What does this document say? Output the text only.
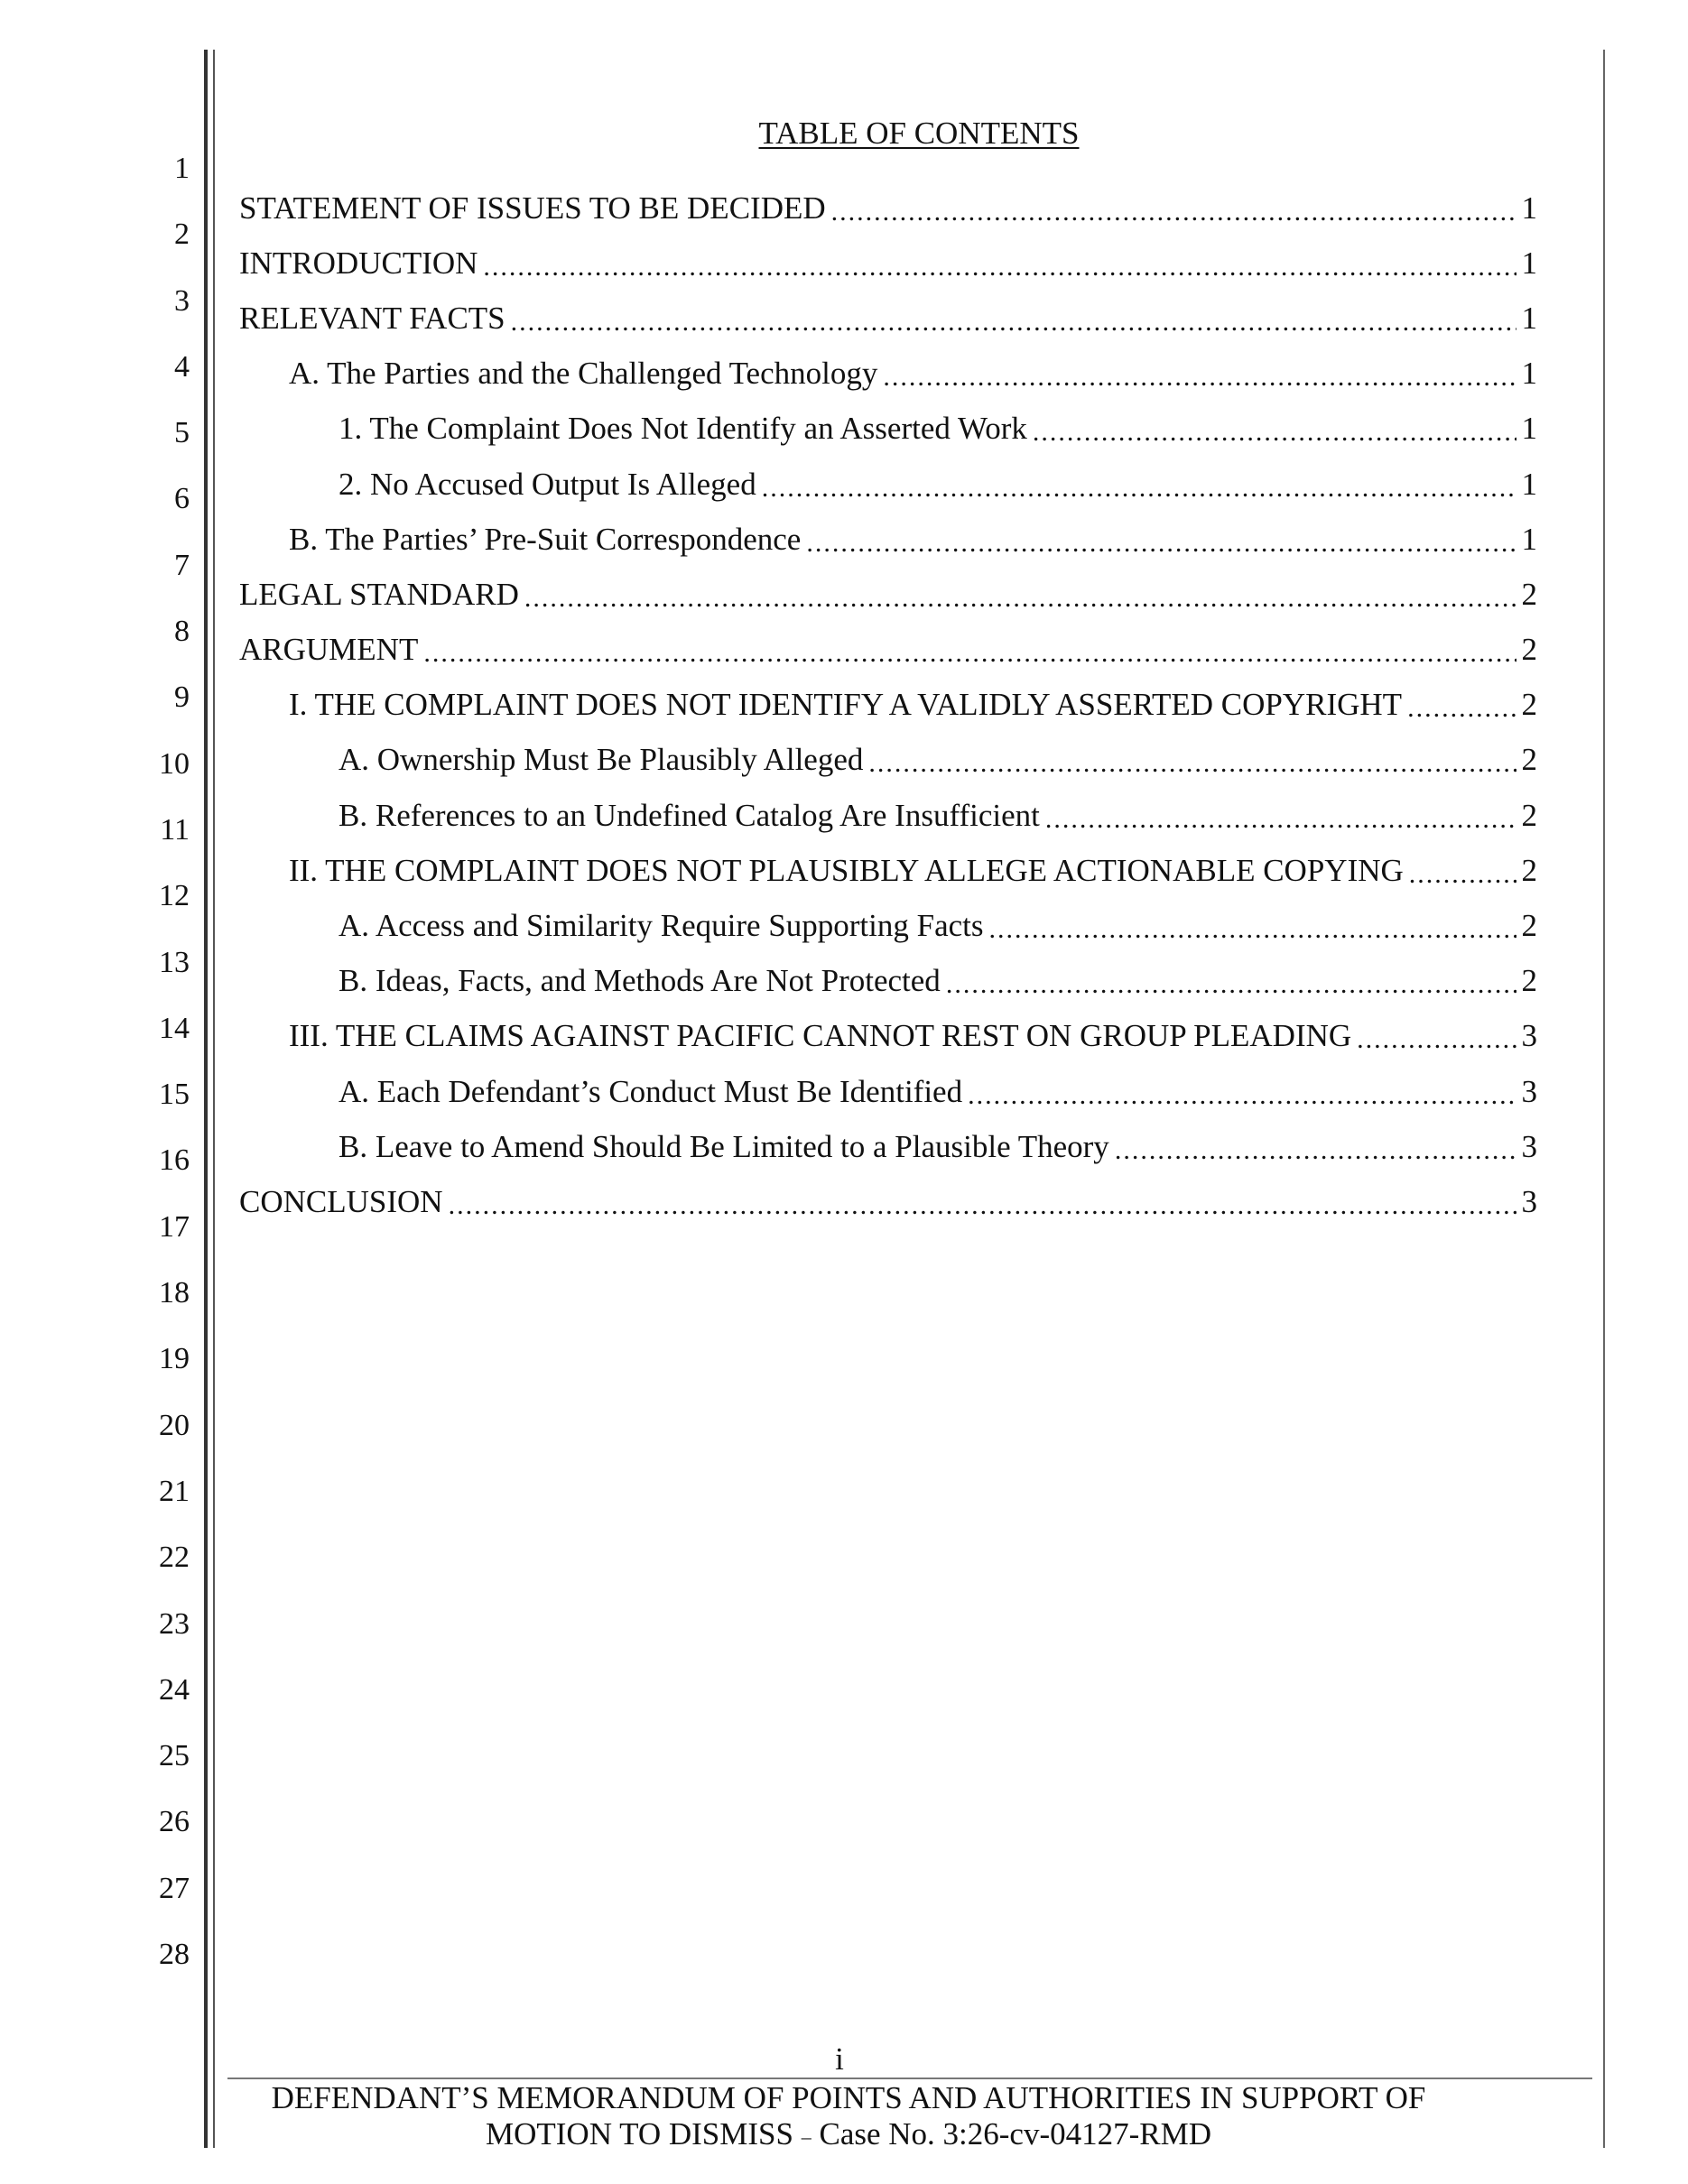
1
2
3
4
5
6
7
8
9
10
11
12
13
14
15
16
17
18
19
20
21
22
23
24
25
26
27
28
TABLE OF CONTENTS
STATEMENT OF ISSUES TO BE DECIDED .....	1
INTRODUCTION .....	1
RELEVANT FACTS .....	1
A. The Parties and the Challenged Technology .....	1
1. The Complaint Does Not Identify an Asserted Work .....	1
2. No Accused Output Is Alleged .....	1
B. The Parties’ Pre-Suit Correspondence .....	1
LEGAL STANDARD .....	2
ARGUMENT .....	2
I. THE COMPLAINT DOES NOT IDENTIFY A VALIDLY ASSERTED COPYRIGHT .....	2
A. Ownership Must Be Plausibly Alleged .....	2
B. References to an Undefined Catalog Are Insufficient .....	2
II. THE COMPLAINT DOES NOT PLAUSIBLY ALLEGE ACTIONABLE COPYING .....	2
A. Access and Similarity Require Supporting Facts .....	2
B. Ideas, Facts, and Methods Are Not Protected .....	2
III. THE CLAIMS AGAINST PACIFIC CANNOT REST ON GROUP PLEADING .....	3
A. Each Defendant’s Conduct Must Be Identified .....	3
B. Leave to Amend Should Be Limited to a Plausible Theory .....	3
CONCLUSION .....	3
i
DEFENDANT’S MEMORANDUM OF POINTS AND AUTHORITIES IN SUPPORT OF
MOTION TO DISMISS – Case No. 3:26-cv-04127-RMD
